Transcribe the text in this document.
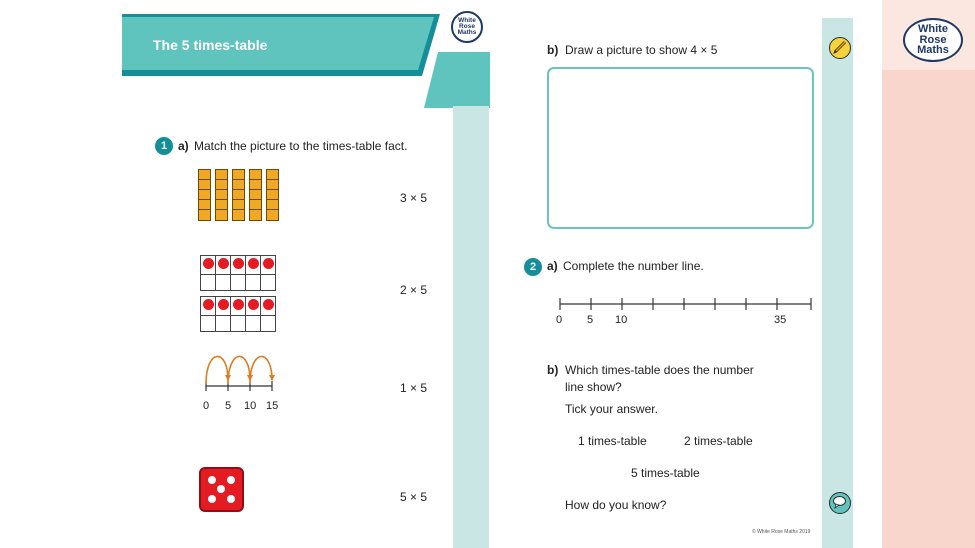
The 5 times-table
White
Rose
Maths
1 a) Match the picture to the times-table fact.
3 × 5

2 × 5
0 5 10 15
1 × 5
5 × 5
White
Rose
Maths
b) Draw a picture to show 4 × 5
2 a) Complete the number line.
0 5 10	35
b) Which times-table does the number
line show?
Tick your answer.
1 times-table	2 times-table
5 times-table
How do you know?
© White Rose Maths 2019
